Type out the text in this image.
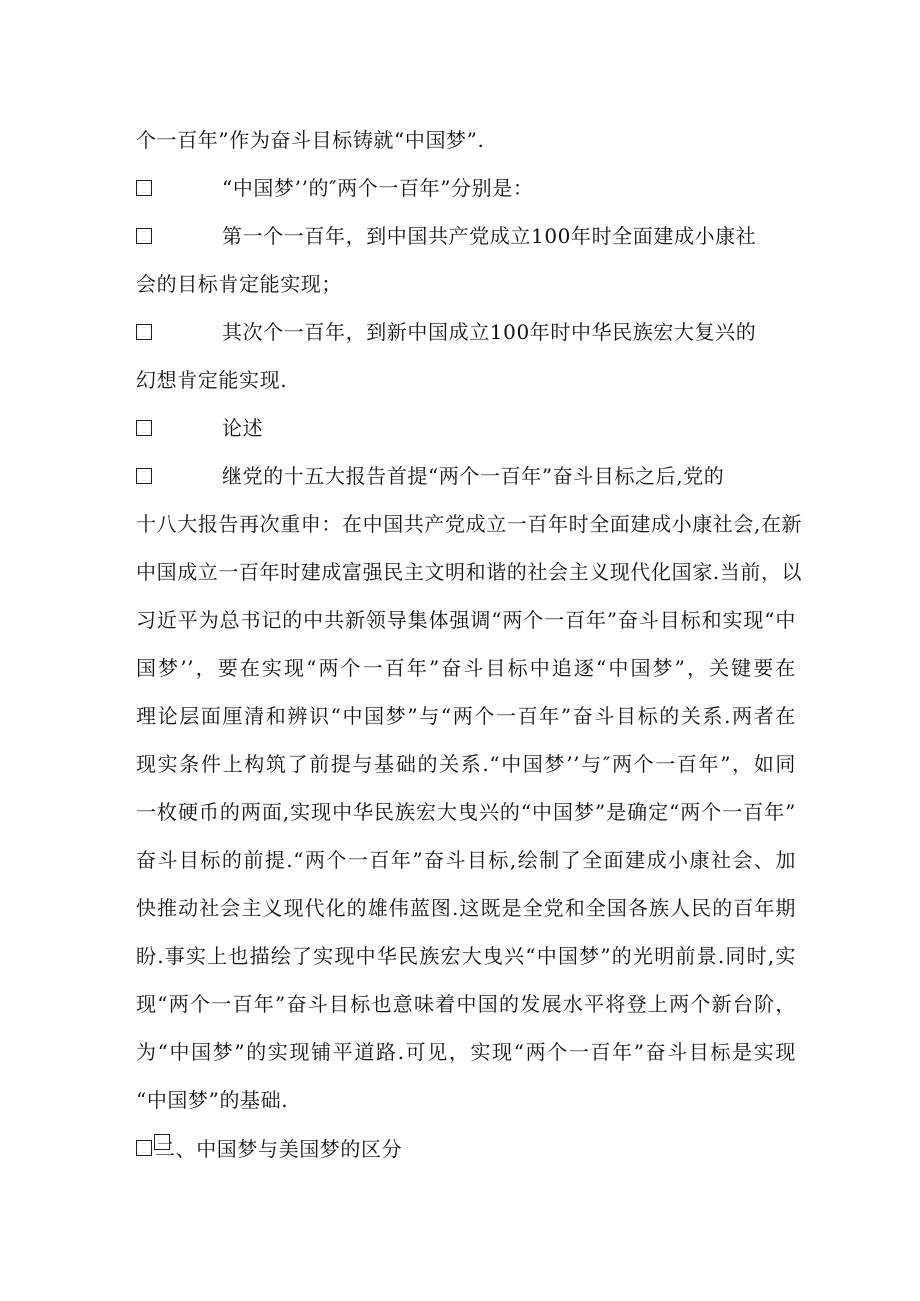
个一百年”作为奋斗目标铸就“中国梦”.
“中国梦’’的″两个一百年”分别是：
第一个一百年，到中国共产党成立100年时全面建成小康社
会的目标肯定能实现；
其次个一百年，到新中国成立100年时中华民族宏大复兴的
幻想肯定能实现.
论述
继党的十五大报告首提“两个一百年”奋斗目标之后,党的
十八大报告再次重申：在中国共产党成立一百年时全面建成小康社会,在新
中国成立一百年时建成富强民主文明和谐的社会主义现代化国家.当前，以
习近平为总书记的中共新领导集体强调“两个一百年”奋斗目标和实现“中
国梦’’，要在实现“两个一百年”奋斗目标中追逐“中国梦”，关键要在
理论层面厘清和辨识“中国梦”与“两个一百年”奋斗目标的关系.两者在
现实条件上构筑了前提与基础的关系.“中国梦’’与″两个一百年”，如同
一枚硬币的两面,实现中华民族宏大曳兴的“中国梦”是确定“两个一百年”
奋斗目标的前提.“两个一百年”奋斗目标,绘制了全面建成小康社会、加
快推动社会主义现代化的雄伟蓝图.这既是全党和全国各族人民的百年期
盼.事实上也描绘了实现中华民族宏大曳兴“中国梦”的光明前景.同时,实
现“两个一百年”奋斗目标也意味着中国的发展水平将登上两个新台阶，
为“中国梦”的实现铺平道路.可见，实现“两个一百年”奋斗目标是实现
“中国梦”的基础.
二、中国梦与美国梦的区分
